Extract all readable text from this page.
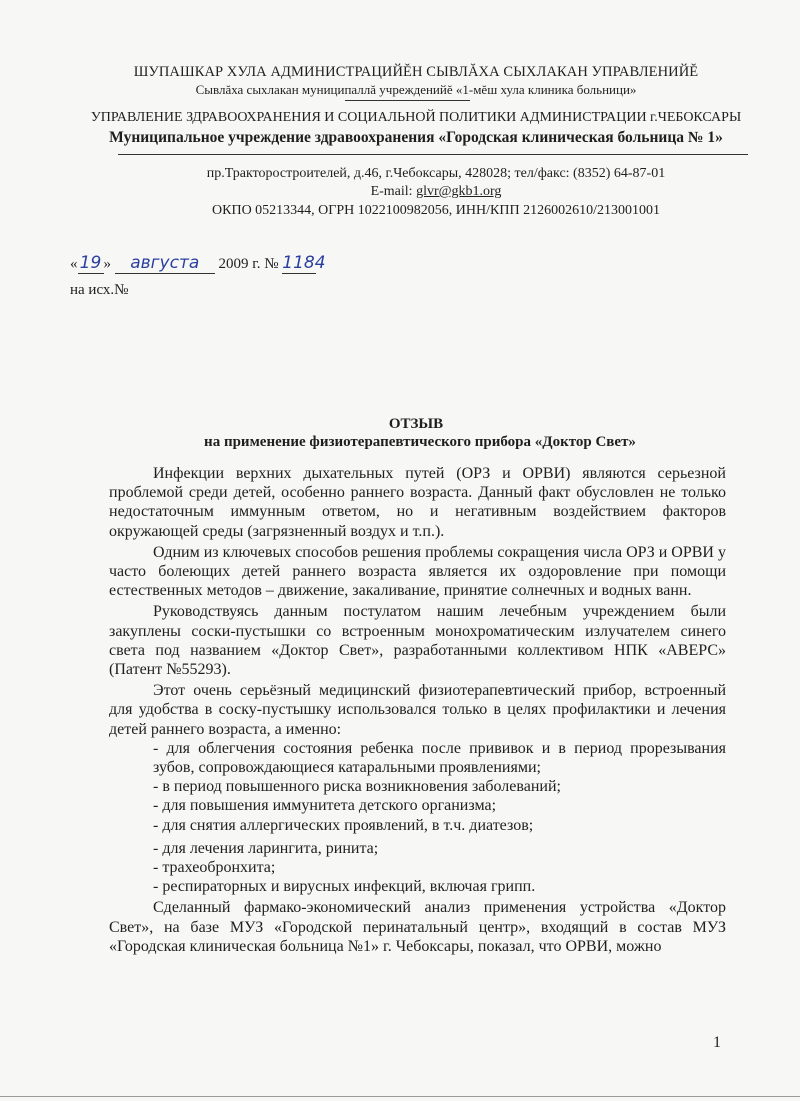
ШУПАШКАР ХУЛА АДМИНИСТРАЦИЙĔН СЫВЛĂХА СЫХЛАКАН УПРАВЛЕНИЙĔ
Сывлăха сыхлакан муниципаллă учрежденийĕ «1-мĕш хула клиника больници»
УПРАВЛЕНИЕ ЗДРАВООХРАНЕНИЯ И СОЦИАЛЬНОЙ ПОЛИТИКИ АДМИНИСТРАЦИИ г.ЧЕБОКСАРЫ
Муниципальное учреждение здравоохранения «Городская клиническая больница № 1»
пр.Тракторостроителей, д.46, г.Чебоксары, 428028; тел/факс: (8352) 64-87-01
E-mail: glvr@gkb1.org
ОКПО 05213344, ОГРН 1022100982056, ИНН/КПП 2126002610/213001001
« 19 » августа 2009 г. № 1184
на исх.№
ОТЗЫВ
на применение физиотерапевтического прибора «Доктор Свет»

Инфекции верхних дыхательных путей (ОРЗ и ОРВИ) являются серьезной проблемой среди детей, особенно раннего возраста. Данный факт обусловлен не только недостаточным иммунным ответом, но и негативным воздействием факторов окружающей среды (загрязненный воздух и т.п.).

Одним из ключевых способов решения проблемы сокращения числа ОРЗ и ОРВИ у часто болеющих детей раннего возраста является их оздоровление при помощи естественных методов – движение, закаливание, принятие солнечных и водных ванн.

Руководствуясь данным постулатом нашим лечебным учреждением были закуплены соски-пустышки со встроенным монохроматическим излучателем синего света под названием «Доктор Свет», разработанными коллективом НПК «АВЕРС» (Патент №55293).

Этот очень серьёзный медицинский физиотерапевтический прибор, встроенный для удобства в соску-пустышку использовался только в целях профилактики и лечения детей раннего возраста, а именно:

- для облегчения состояния ребенка после прививок и в период прорезывания зубов, сопровождающиеся катаральными проявлениями;

- в период повышенного риска возникновения заболеваний;

- для повышения иммунитета детского организма;

- для снятия аллергических проявлений, в т.ч. диатезов;

- для лечения ларингита, ринита;

- трахеобронхита;

- респираторных и вирусных инфекций, включая грипп.

Сделанный фармако-экономический анализ применения устройства «Доктор Свет», на базе МУЗ «Городской перинатальный центр», входящий в состав МУЗ «Городская клиническая больница №1» г. Чебоксары, показал, что ОРВИ, можно

1
